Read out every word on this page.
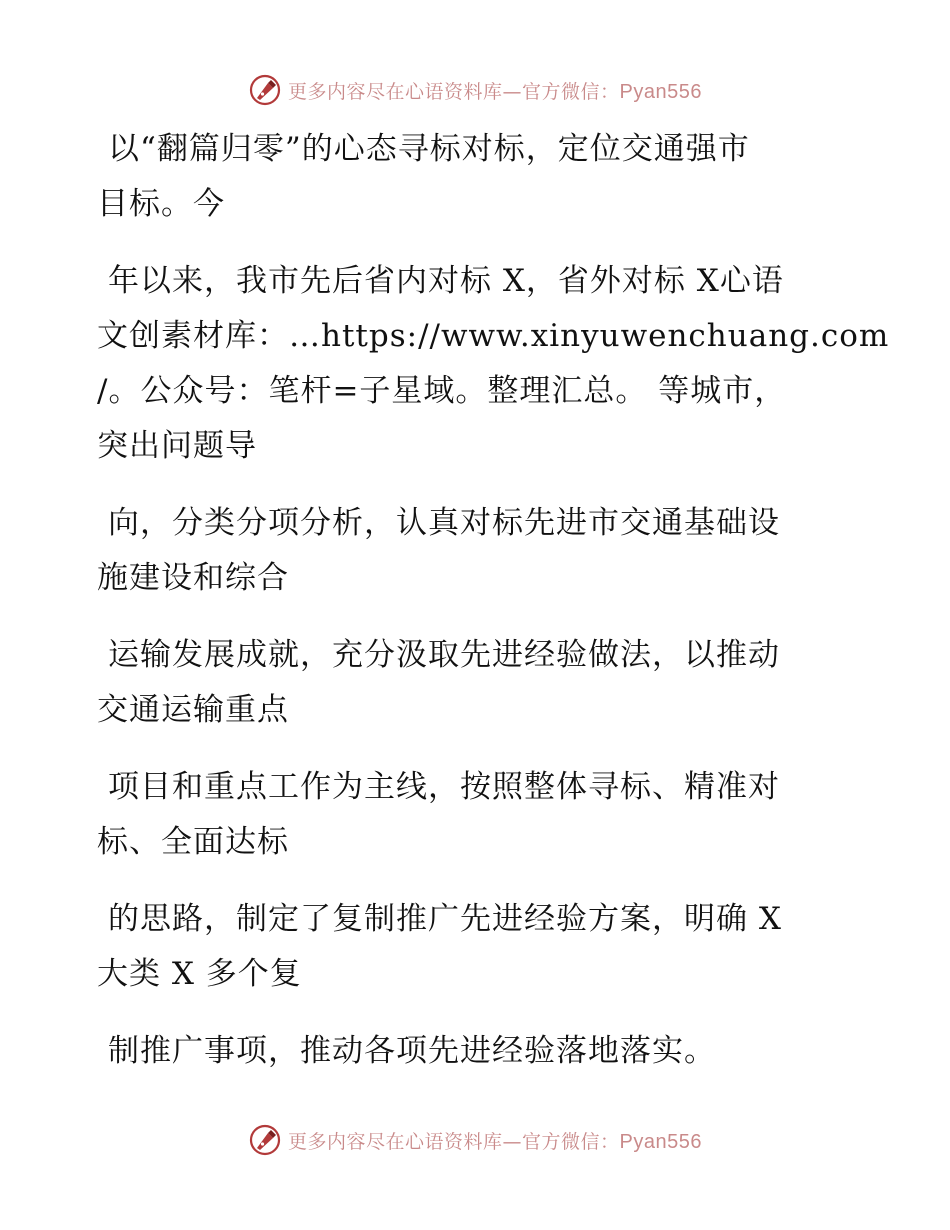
更多内容尽在心语资料库—官方微信：Pyan556

以“翻篇归零”的心态寻标对标，定位交通强市
目标。今

年以来，我市先后省内对标 X，省外对标 X心语
文创素材库：…https://www.xinyuwenchuang.com
/。公众号：笔杆=子星域。整理汇总。 等城市，
突出问题导

向，分类分项分析，认真对标先进市交通基础设
施建设和综合

运输发展成就，充分汲取先进经验做法，以推动
交通运输重点

项目和重点工作为主线，按照整体寻标、精准对
标、全面达标

的思路，制定了复制推广先进经验方案，明确 X
大类 X 多个复

制推广事项，推动各项先进经验落地落实。

更多内容尽在心语资料库—官方微信：Pyan556
